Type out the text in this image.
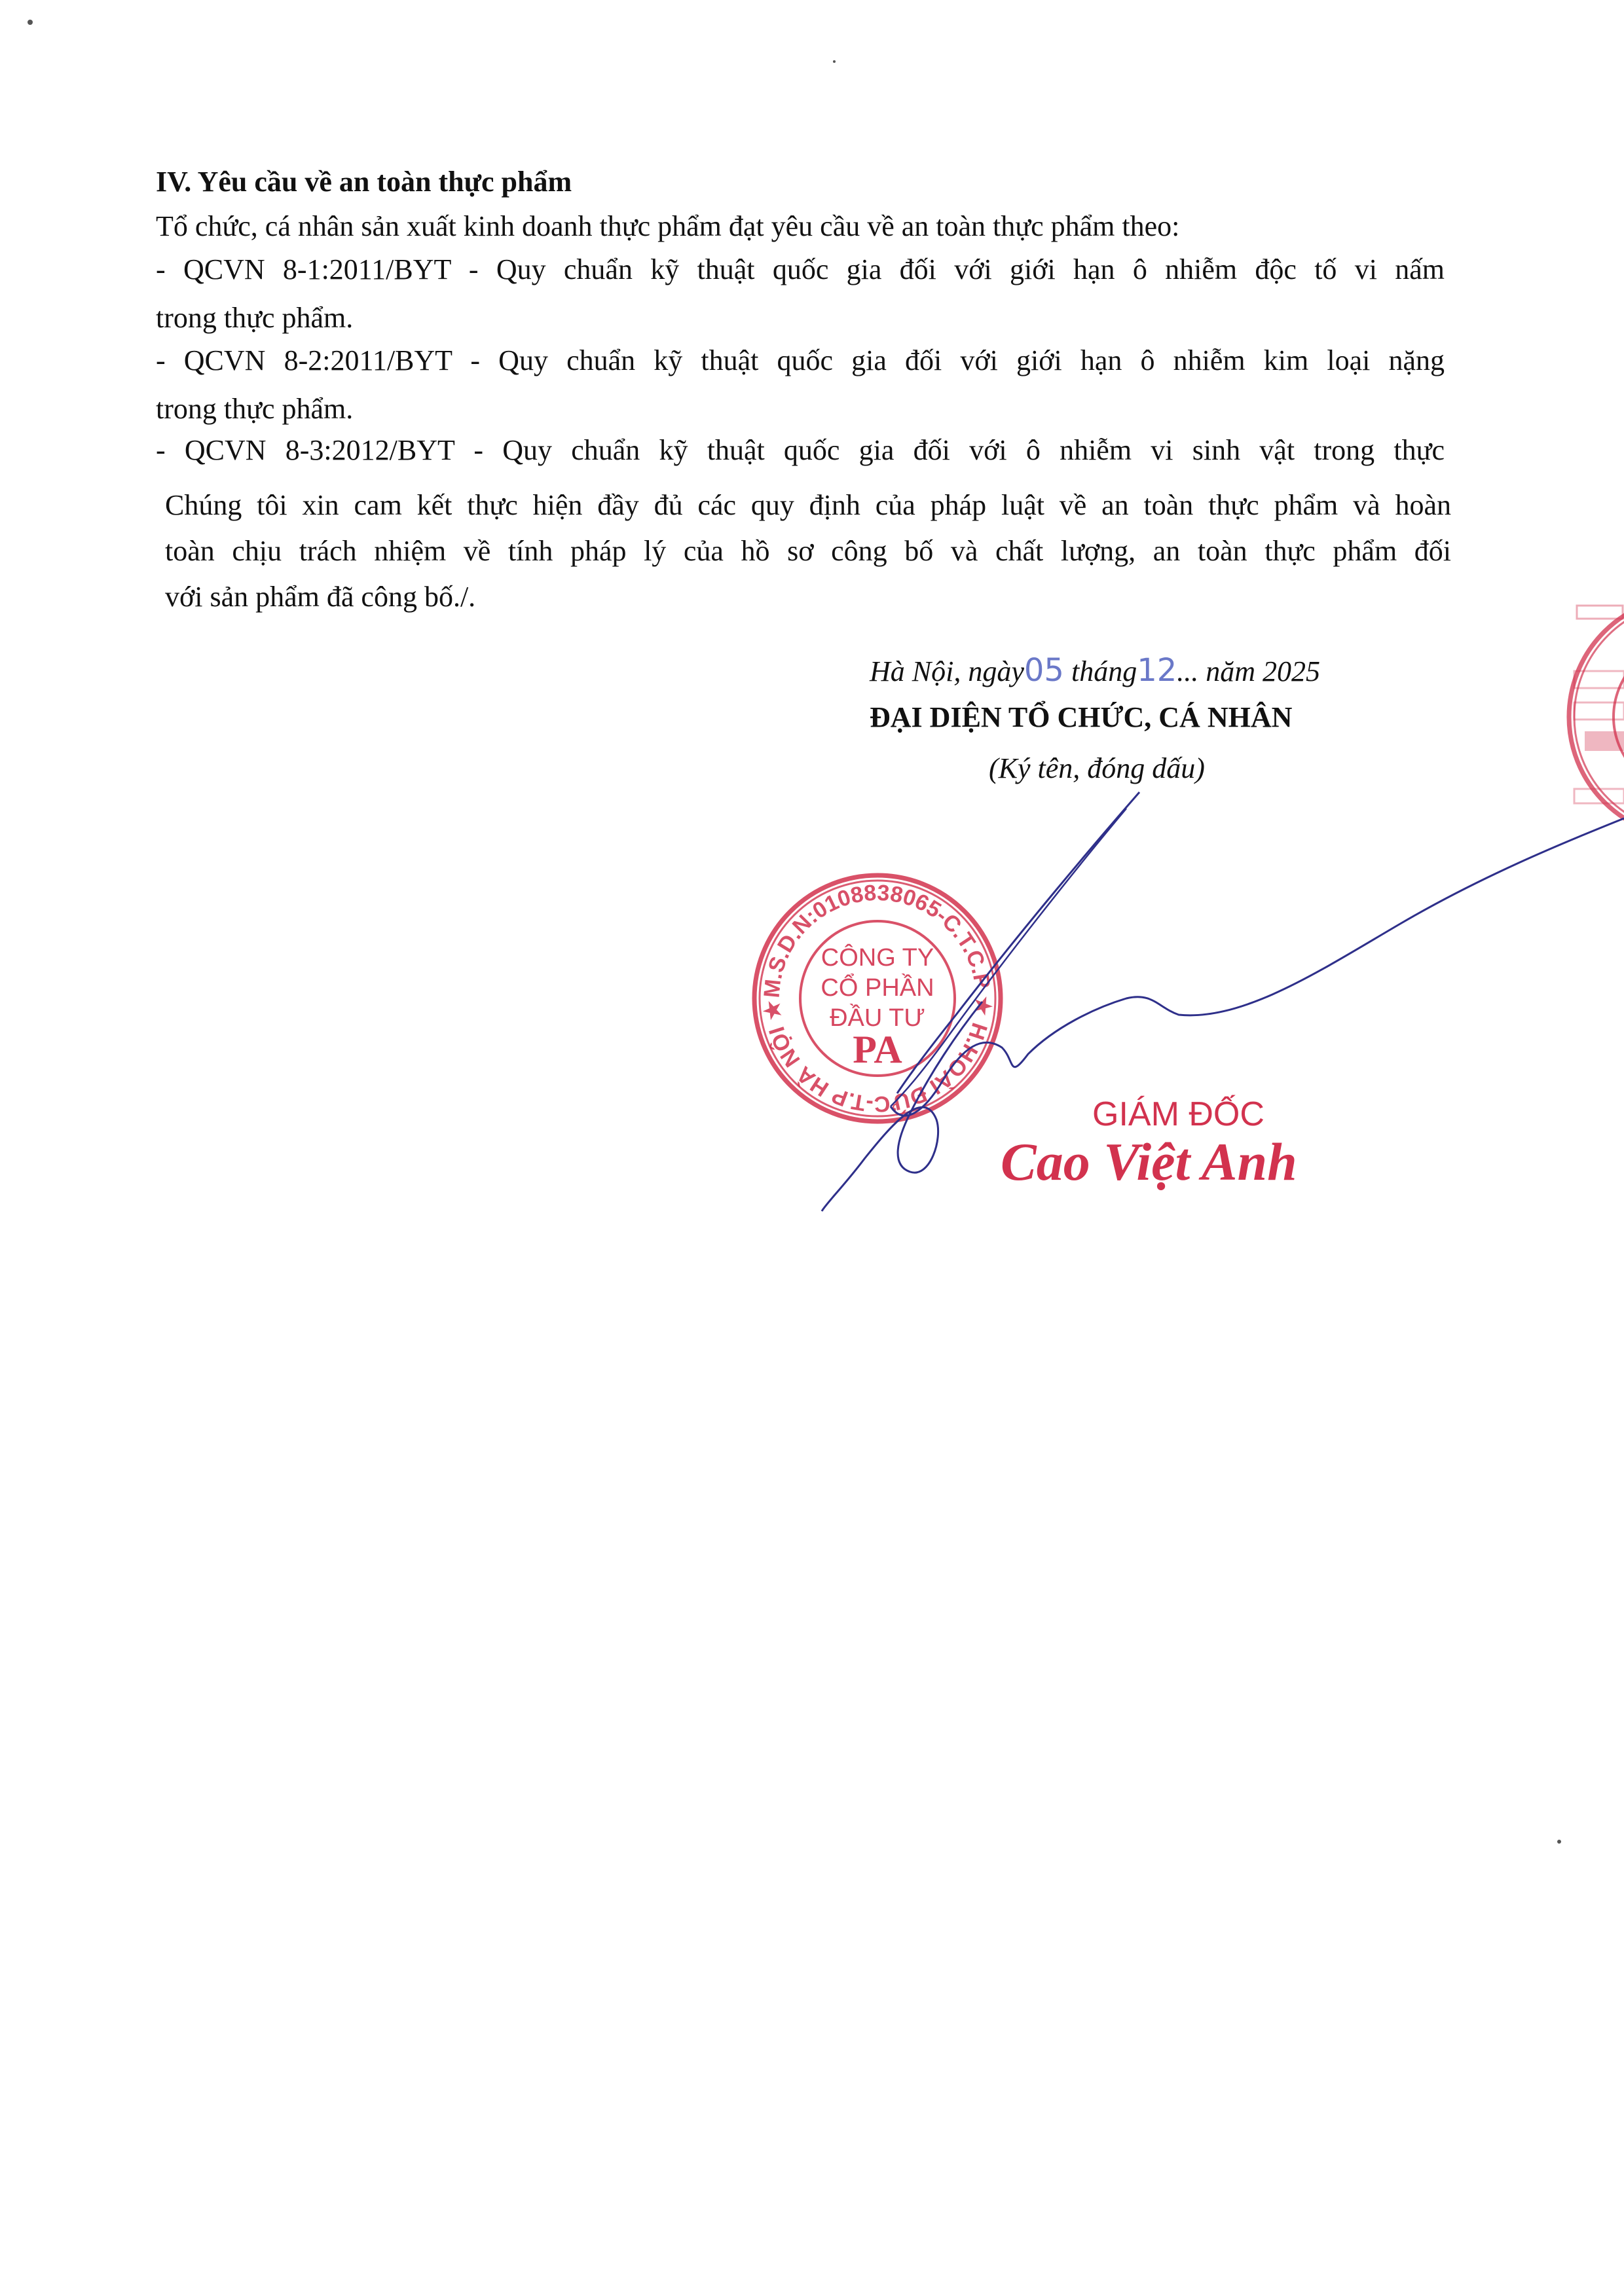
IV. Yêu cầu về an toàn thực phẩm
Tổ chức, cá nhân sản xuất kinh doanh thực phẩm đạt yêu cầu về an toàn thực phẩm theo:
- QCVN 8-1:2011/BYT - Quy chuẩn kỹ thuật quốc gia đối với giới hạn ô nhiễm độc tố vi nấm
trong thực phẩm.
- QCVN 8-2:2011/BYT - Quy chuẩn kỹ thuật quốc gia đối với giới hạn ô nhiễm kim loại nặng
trong thực phẩm.
- QCVN 8-3:2012/BYT - Quy chuẩn kỹ thuật quốc gia đối với ô nhiễm vi sinh vật trong thực
Chúng tôi xin cam kết thực hiện đầy đủ các quy định của pháp luật về an toàn thực phẩm và hoàn
toàn chịu trách nhiệm về tính pháp lý của hồ sơ công bố và chất lượng, an toàn thực phẩm đối
với sản phẩm đã công bố./.
Hà Nội, ngày05 tháng12... năm 2025
ĐẠI DIỆN TỔ CHỨC, CÁ NHÂN
(Ký tên, đóng dấu)
M.S.D.N:0108838065-C.T.C.P ★ H.HOÀI ĐỨC-T.P HÀ NỘI ★
CÔNG TY
CỔ PHẦN
ĐẦU TƯ
PA
GIÁM ĐỐC
Cao Việt Anh
